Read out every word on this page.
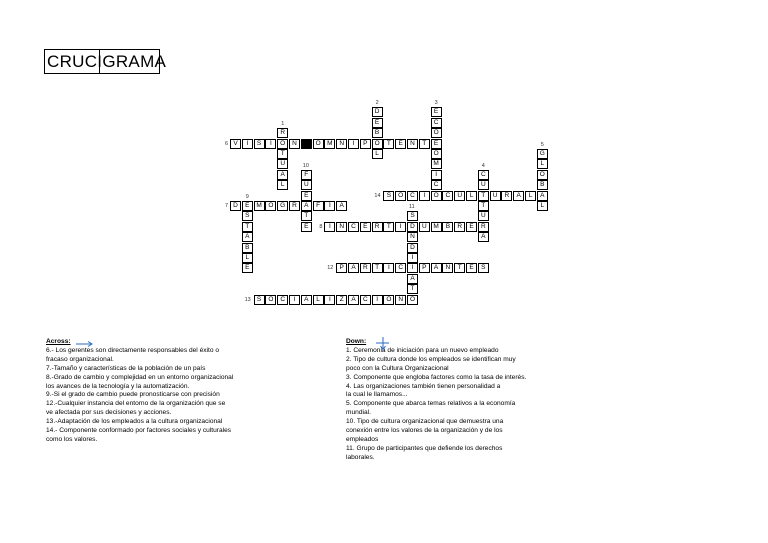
CRUCIGRAMA
V	I	S	I	Ó	N	O	M	N	I	P	O	T	E	N	T	E
6
D	E	M	O	G	R	A	F	Í	A
7
I	N	C	E	R	T	I	D	U	M	B	R	E
8
P	A	R	T	I	C	I	P	A	N	T	E	S
12
S	O	C	I	A	L	I	Z	A	C	I	Ó	N
13
S	O	C	I	O	C	U	L	T	U	R	A	L
14
R
T
U
A
L
1
D
É
B
L
2
E
C
O
Ó
M
I
C
3
C
U
T
U
R
A
4
G
L
O
B
A
L
5
S
T
A
B
L
E
9
F
U
E
T
E
10
S
N
D
I
A
T
O
11
Across:
6.- Los gerentes son directamente responsables del éxito o
fracaso organizacional.
7.-Tamaño y características de la población de un país
8.-Grado de cambio y complejidad en un entorno organizacional
los avances de la tecnología y la automatización.
9.-Si el grado de cambio puede pronosticarse con precisión
12.-Cualquier instancia del entorno de la organización que se
ve afectada por sus decisiones y acciones.
13.-Adaptación de los empleados a la cultura organizacional
14.- Componente conformado por factores sociales y culturales
como los valores.
Down:
1. Ceremonia de iniciación para un nuevo empleado
2. Tipo de cultura donde los empleados se identifican muy
poco con la Cultura Organizacional
3. Componente que engloba factores como la tasa de interés.
4. Las organizaciones también tienen personalidad a
la cual le llamamos...
5. Componente que abarca temas relativos a la economía
mundial.
10. Tipo de cultura organizacional que demuestra una
conexión entre los valores de la organización y de los
empleados
11. Grupo de participantes que defiende los derechos
laborales.
